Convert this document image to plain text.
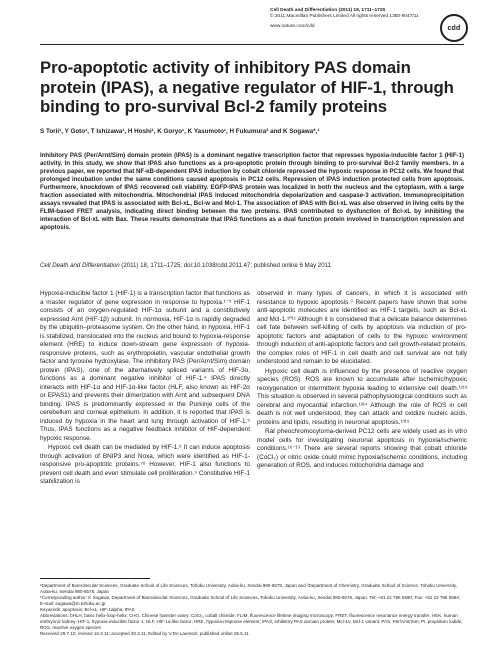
Cell Death and Differentiation (2011) 18, 1711–1725
© 2011 Macmillan Publishers Limited All rights reserved 1350-9047/11
www.nature.com/cdd	cdd
Pro-apoptotic activity of inhibitory PAS domain protein (IPAS), a negative regulator of HIF-1, through binding to pro-survival Bcl-2 family proteins
S Torii¹, Y Goto¹, T Ishizawa¹, H Hoshi¹, K Goryo¹, K Yasumoto¹, H Fukumura² and K Sogawa*,¹

Inhibitory PAS (Per/Arnt/Sim) domain protein (IPAS) is a dominant negative transcription factor that represses hypoxia-inducible factor 1 (HIF-1) activity. In this study, we show that IPAS also functions as a pro-apoptotic protein through binding to pro-survival Bcl-2 family members. In a previous paper, we reported that NF-κB-dependent IPAS induction by cobalt chloride repressed the hypoxic response in PC12 cells. We found that prolonged incubation under the same conditions caused apoptosis in PC12 cells. Repression of IPAS induction protected cells from apoptosis. Furthermore, knockdown of IPAS recovered cell viability. EGFP-IPAS protein was localized in both the nucleus and the cytoplasm, with a large fraction associated with mitochondria. Mitochondrial IPAS induced mitochondria depolarization and caspase-3 activation. Immunoprecipitation assays revealed that IPAS is associated with Bcl-xL, Bcl-w and Mcl-1. The association of IPAS with Bcl-xL was also observed in living cells by the FLIM-based FRET analysis, indicating direct binding between the two proteins. IPAS contributed to dysfunction of Bcl-xL by inhibiting the interaction of Bcl-xL with Bax. These results demonstrate that IPAS functions as a dual function protein involved in transcription repression and apoptosis.

Cell Death and Differentiation (2011) 18, 1711–1725; doi:10.1038/cdd.2011.47; published online 6 May 2011

Hypoxia-inducible factor 1 (HIF-1) is a transcription factor that functions as a master regulator of gene expression in response to hypoxia.¹⁻³ HIF-1 consists of an oxygen-regulated HIF-1α subunit and a constitutively expressed Arnt (HIF-1β) subunit. In normoxia, HIF-1α is rapidly degraded by the ubiquitin–proteasome system. On the other hand, in hypoxia, HIF-1 is stabilized, translocated into the nucleus and bound to hypoxia-response element (HRE) to induce down-stream gene expression of hypoxia-responsive proteins, such as erythropoietin, vascular endothelial growth factor and tyrosine hydroxylase. The inhibitory PAS (Per/Arnt/Sim) domain protein (IPAS), one of the alternatively spliced variants of HIF-3α, functions as a dominant negative inhibitor of HIF-1.⁴ IPAS directly interacts with HIF-1α and HIF-1α-like factor (HLF, also known as HIF-2α or EPAS1) and prevents their dimerization with Arnt and subsequent DNA binding. IPAS is predominantly expressed in the Purkinje cells of the cerebellum and corneal epithelium. In addition, it is reported that IPAS is induced by hypoxia in the heart and lung through activation of HIF-1.⁵ Thus, IPAS functions as a negative feedback inhibitor of HIF-dependent hypoxic response.

Hypoxic cell death can be mediated by HIF-1.⁶ It can induce apoptosis through activation of BNIP3 and Noxa, which were identified as HIF-1-responsive pro-apoptotic proteins.⁷⁸ However, HIF-1 also functions to prevent cell death and even stimulate cell proliferation.⁹ Constitutive HIF-1 stabilization is

observed in many types of cancers, in which it is associated with resistance to hypoxic apoptosis.⁹ Recent papers have shown that some anti-apoptotic molecules are identified as HIF-1 targets, such as Bcl-xL and Mcl-1.¹⁰¹¹ Although it is considered that a delicate balance determines cell fate between self-killing of cells by apoptosis via induction of pro-apoptotic factors and adaptation of cells to the hypoxic environment through induction of anti-apoptotic factors and cell growth-related proteins, the complex roles of HIF-1 in cell death and cell survival are not fully understood and remain to be elucidated.

Hypoxic cell death is influenced by the presence of reactive oxygen species (ROS). ROS are known to accumulate after ischemic/hypoxic reoxygenation or intermittent hypoxia leading to extensive cell death.¹²¹³ This situation is observed in several pathophysiological conditions such as cerebral and myocardial infarction.¹³¹⁴ Although the role of ROS in cell death is not well understood, they can attack and oxidize nucleic acids, proteins and lipids, resulting in neuronal apoptosis.¹³¹⁵

Rat pheochromocytoma-derived PC12 cells are widely used as in vitro model cells for investigating neuronal apoptosis in hypoxia/ischemic conditions.¹⁶⁻¹⁹ There are several reports showing that cobalt chloride (CoCl₂) or nitric oxide could mimic hypoxia/ischemic conditions, including generation of ROS, and induces mitochondria damage and

¹Department of Biomolecular Sciences, Graduate School of Life Sciences, Tohoku University, Aoba-ku, Sendai 980-8578, Japan and ²Department of Chemistry, Graduate School of Science, Tohoku University, Aoba-ku, Sendai 980-8578, Japan
*Corresponding author: K Sogawa, Department of Biomolecular Sciences, Graduate School of Life Sciences, Tohoku University, Aoba-ku, Sendai 980-8578, Japan. Tel: +81 22 795 6590; Fax: +81 22 795 6594; E-mail: sogawa@m.tohoku.ac.jp
Keywords: apoptosis; Bcl-xL; HIF-1alpha; IPAS
Abbreviations: bHLH, basic helix-loop-helix; CHO, Chinese hamster ovary; CoCl₂, cobalt chloride; FLIM, fluorescence lifetime imaging microscopy; FRET, fluorescence resonance energy transfer; HEK, human embryonic kidney; HIF-1, hypoxia-inducible factor 1; HLF, HIF-1α-like factor; HRE, hypoxia-response element; IPAS, inhibitory PAS domain protein; Mcl-1V, Mcl-1 variant; PAS, Per/Arnt/Sim; PI, propidium iodide; ROS, reactive oxygen species
Received 29.7.10; revised 16.3.11; accepted 30.3.11; Edited by V De Laurenzi; published online 06.5.11
